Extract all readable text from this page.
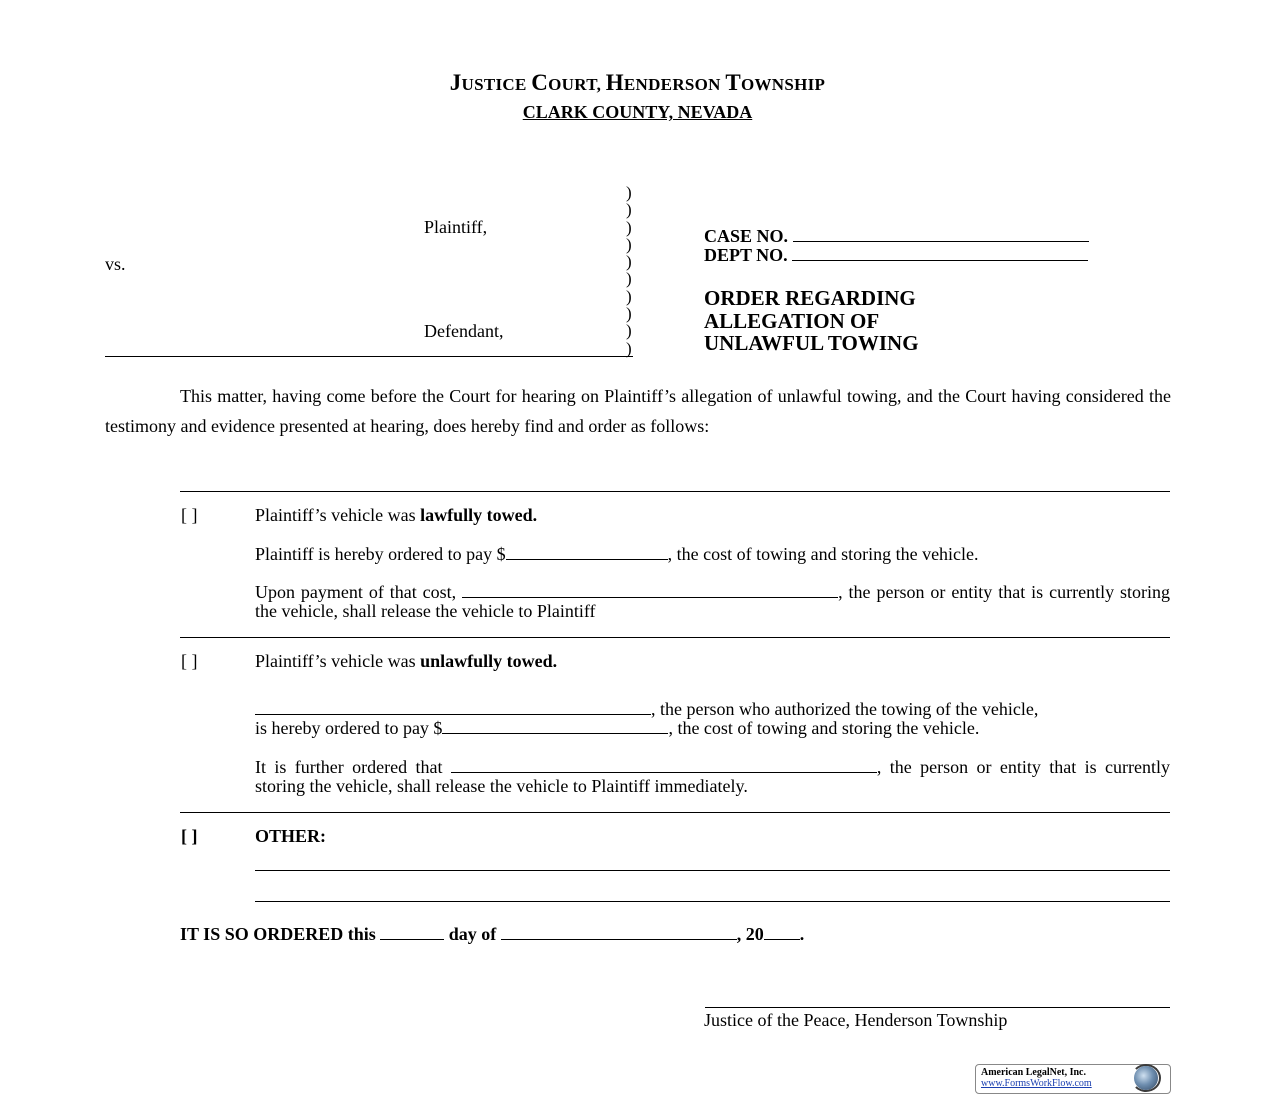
JUSTICE COURT, HENDERSON TOWNSHIP
CLARK COUNTY, NEVADA
)
)
)
)
)
)
)
)
)
)
Plaintiff,
vs.
Defendant,
CASE NO.
DEPT NO.
ORDER REGARDING
ALLEGATION OF
UNLAWFUL TOWING
This matter, having come before the Court for hearing on Plaintiff’s allegation of unlawful towing, and the Court having considered the testimony and evidence presented at hearing, does hereby find and order as follows:
[ ]	Plaintiff’s vehicle was lawfully towed.
Plaintiff is hereby ordered to pay $	, the cost of towing and storing the vehicle.
Upon payment of that cost,	, the person or entity that is currently storing the vehicle, shall release the vehicle to Plaintiff
[ ]	Plaintiff’s vehicle was unlawfully towed.
, the person who authorized the towing of the vehicle,
is hereby ordered to pay $	, the cost of towing and storing the vehicle.
It is further ordered that	, the person or entity that is currently storing the vehicle, shall release the vehicle to Plaintiff immediately.
[ ]	OTHER:
IT IS SO ORDERED this	day of	, 20 .
Justice of the Peace, Henderson Township
American LegalNet, Inc.
www.FormsWorkFlow.com
